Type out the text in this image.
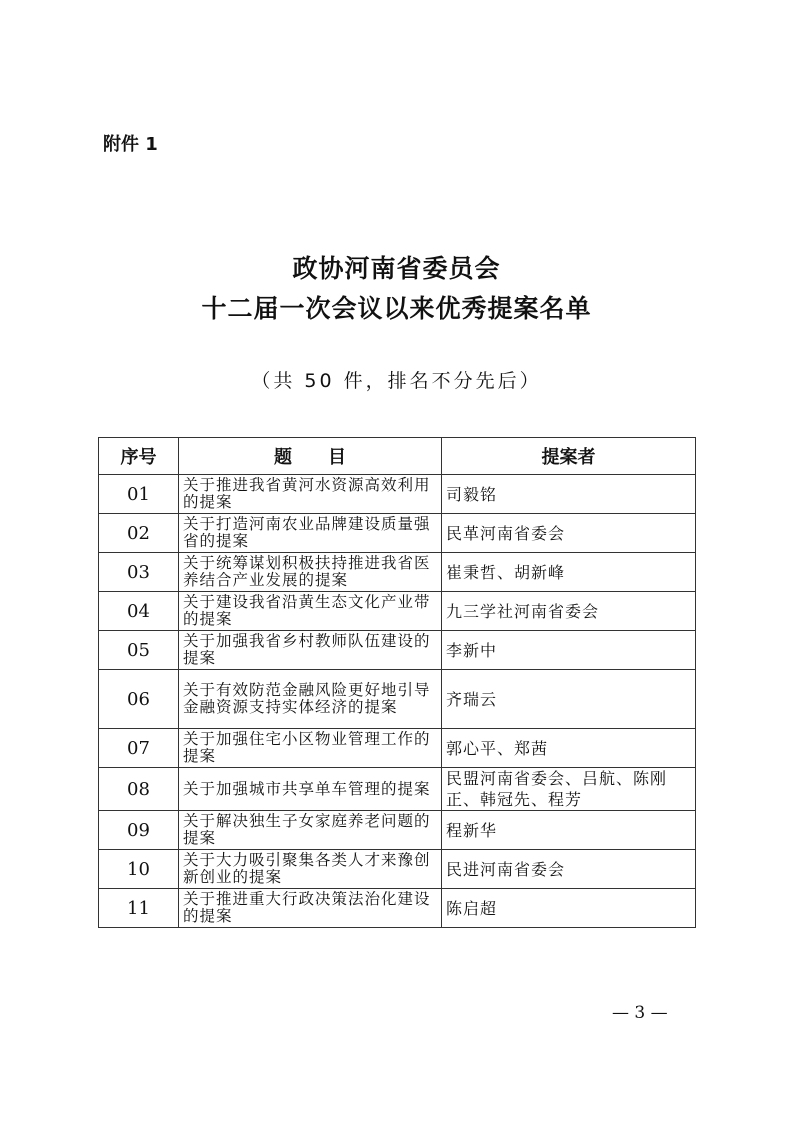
附件 1
政协河南省委员会
十二届一次会议以来优秀提案名单
（共 50 件，排名不分先后）
序号	题　　目	提案者
01	关于推进我省黄河水资源高效利用的提案	司毅铭
02	关于打造河南农业品牌建设质量强省的提案	民革河南省委会
03	关于统筹谋划积极扶持推进我省医养结合产业发展的提案	崔秉哲、胡新峰
04	关于建设我省沿黄生态文化产业带的提案	九三学社河南省委会
05	关于加强我省乡村教师队伍建设的提案	李新中
06	关于有效防范金融风险更好地引导金融资源支持实体经济的提案	齐瑞云
07	关于加强住宅小区物业管理工作的提案	郭心平、郑茜
08	关于加强城市共享单车管理的提案	民盟河南省委会、吕航、陈刚正、韩冠先、程芳
09	关于解决独生子女家庭养老问题的提案	程新华
10	关于大力吸引聚集各类人才来豫创新创业的提案	民进河南省委会
11	关于推进重大行政决策法治化建设的提案	陈启超
— 3 —
